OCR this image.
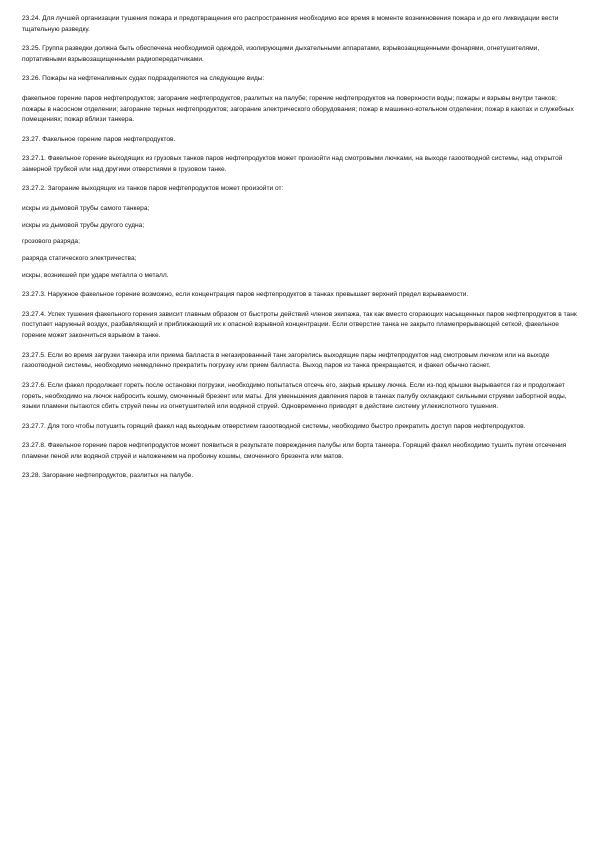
23.24. Для лучшей организации тушения пожара и предотвращения его распространения необходимо все время в моменте возникновения пожара и до его ликвидации вести тщательную разведку.

23.25. Группа разведки должна быть обеспечена необходимой одеждой, изолирующими дыхательными аппаратами, взрывозащищенными фонарями, огнетушителями, портативными взрывозащищенными радиопередатчиками.

23.26. Пожары на нефтеналивных судах подразделяются на следующие виды:

факельное горение паров нефтепродуктов; загорание нефтепродуктов, разлитых на палубе; горение нефтепродуктов на поверхности воды; пожары и взрывы внутри танков; пожары в насосном отделении; загорание терных нефтепродуктов; загорание электрического оборудования; пожар в машинно-котельном отделении; пожар в каютах и служебных помещениях; пожар вблизи танкера.

23.27. Факельное горение паров нефтепродуктов.

23.27.1. Факельное горение выходящих из грузовых танков паров нефтепродуктов может произойти над смотровыми лючками, на выходе газоотводной системы, над открытой замерной трубкой или над другими отверстиями в грузовом танке.

23.27.2. Загорание выходящих из танков паров нефтепродуктов может произойти от:

искры из дымовой трубы самого танкера;

искры из дымовой трубы другого судна;

грозового разряда;

разряда статического электричества;

искры, возникшей при ударе металла о металл.

23.27.3. Наружное факельное горение возможно, если концентрация паров нефтепродуктов в танках превышает верхний предел взрываемости.

23.27.4. Успех тушения факельного горения зависит главным образом от быстроты действий членов экипажа, так как вместо сгорающих насыщенных паров нефтепродуктов в танк поступает наружный воздух, разбавляющий и приближающий их к опасной взрывной концентрации. Если отверстие танка не закрыто пламепрерывающей сеткой, факельное горение может закончиться взрывом в танке.

23.27.5. Если во время загрузки танкера или приема балласта в негазированный танк загорелись выходящие пары нефтепродуктов над смотровым лючком или на выходе газоотводной системы, необходимо немедленно прекратить погрузку или прием балласта. Выход паров из танка прекращается, и факел обычно гаснет.

23.27.6. Если факел продолжает гореть после остановки погрузки, необходимо попытаться отсечь его, закрыв крышку лючка. Если из-под крышки вырывается газ и продолжает гореть, необходимо на лючок набросить кошму, смоченный брезент или маты. Для уменьшения давления паров в танках палубу охлаждают сильными струями забортной воды, языки пламени пытаются сбить струей пены из огнетушителей или водяной струей. Одновременно приводят в действие систему углекислотного тушения.

23.27.7. Для того чтобы потушить горящий факел над выходным отверстием газоотводной системы, необходимо быстро прекратить доступ паров нефтепродуктов.

23.27.8. Факельное горение паров нефтепродуктов может появиться в результате повреждения палубы или борта танкера. Горящий факел необходимо тушить путем отсечения пламени пеной или водяной струей и наложением на пробоину кошмы, смоченного брезента или матов.

23.28. Загорание нефтепродуктов, разлитых на палубе.
